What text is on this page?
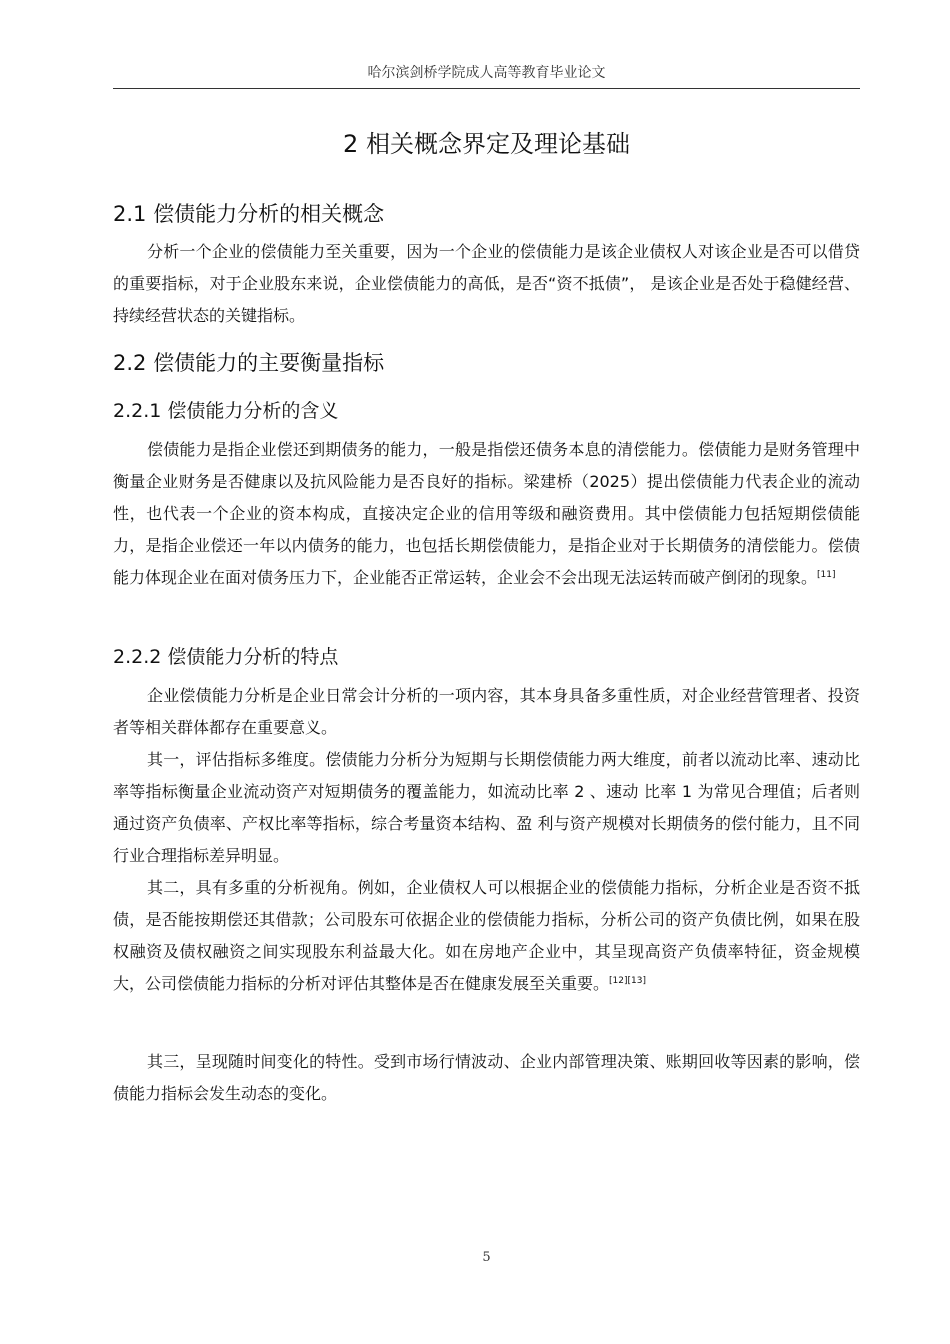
哈尔滨剑桥学院成人高等教育毕业论文
2 相关概念界定及理论基础
2.1 偿债能力分析的相关概念

分析一个企业的偿债能力至关重要，因为一个企业的偿债能力是该企业债权人对该企业是否可以借贷的重要指标，对于企业股东来说，企业偿债能力的高低，是否“资不抵债”， 是该企业是否处于稳健经营、持续经营状态的关键指标。

2.2 偿债能力的主要衡量指标
2.2.1 偿债能力分析的含义

偿债能力是指企业偿还到期债务的能力，一般是指偿还债务本息的清偿能力。偿债能力是财务管理中衡量企业财务是否健康以及抗风险能力是否良好的指标。梁建桥（2025）提出偿债能力代表企业的流动性，也代表一个企业的资本构成，直接决定企业的信用等级和融资费用。其中偿债能力包括短期偿债能力，是指企业偿还一年以内债务的能力，也包括长期偿债能力，是指企业对于长期债务的清偿能力。偿债能力体现企业在面对债务压力下，企业能否正常运转，企业会不会出现无法运转而破产倒闭的现象。[11]

2.2.2 偿债能力分析的特点

企业偿债能力分析是企业日常会计分析的一项内容，其本身具备多重性质，对企业经营管理者、投资者等相关群体都存在重要意义。

其一，评估指标多维度。偿债能力分析分为短期与长期偿债能力两大维度，前者以流动比率、速动比率等指标衡量企业流动资产对短期债务的覆盖能力，如流动比率 2 、速动 比率 1 为常见合理值；后者则通过资产负债率、产权比率等指标，综合考量资本结构、盈 利与资产规模对长期债务的偿付能力，且不同行业合理指标差异明显。

其二，具有多重的分析视角。例如，企业债权人可以根据企业的偿债能力指标，分析企业是否资不抵债，是否能按期偿还其借款；公司股东可依据企业的偿债能力指标，分析公司的资产负债比例，如果在股权融资及债权融资之间实现股东利益最大化。如在房地产企业中，其呈现高资产负债率特征，资金规模大，公司偿债能力指标的分析对评估其整体是否在健康发展至关重要。[12][13]

其三，呈现随时间变化的特性。受到市场行情波动、企业内部管理决策、账期回收等因素的影响，偿债能力指标会发生动态的变化。

5
